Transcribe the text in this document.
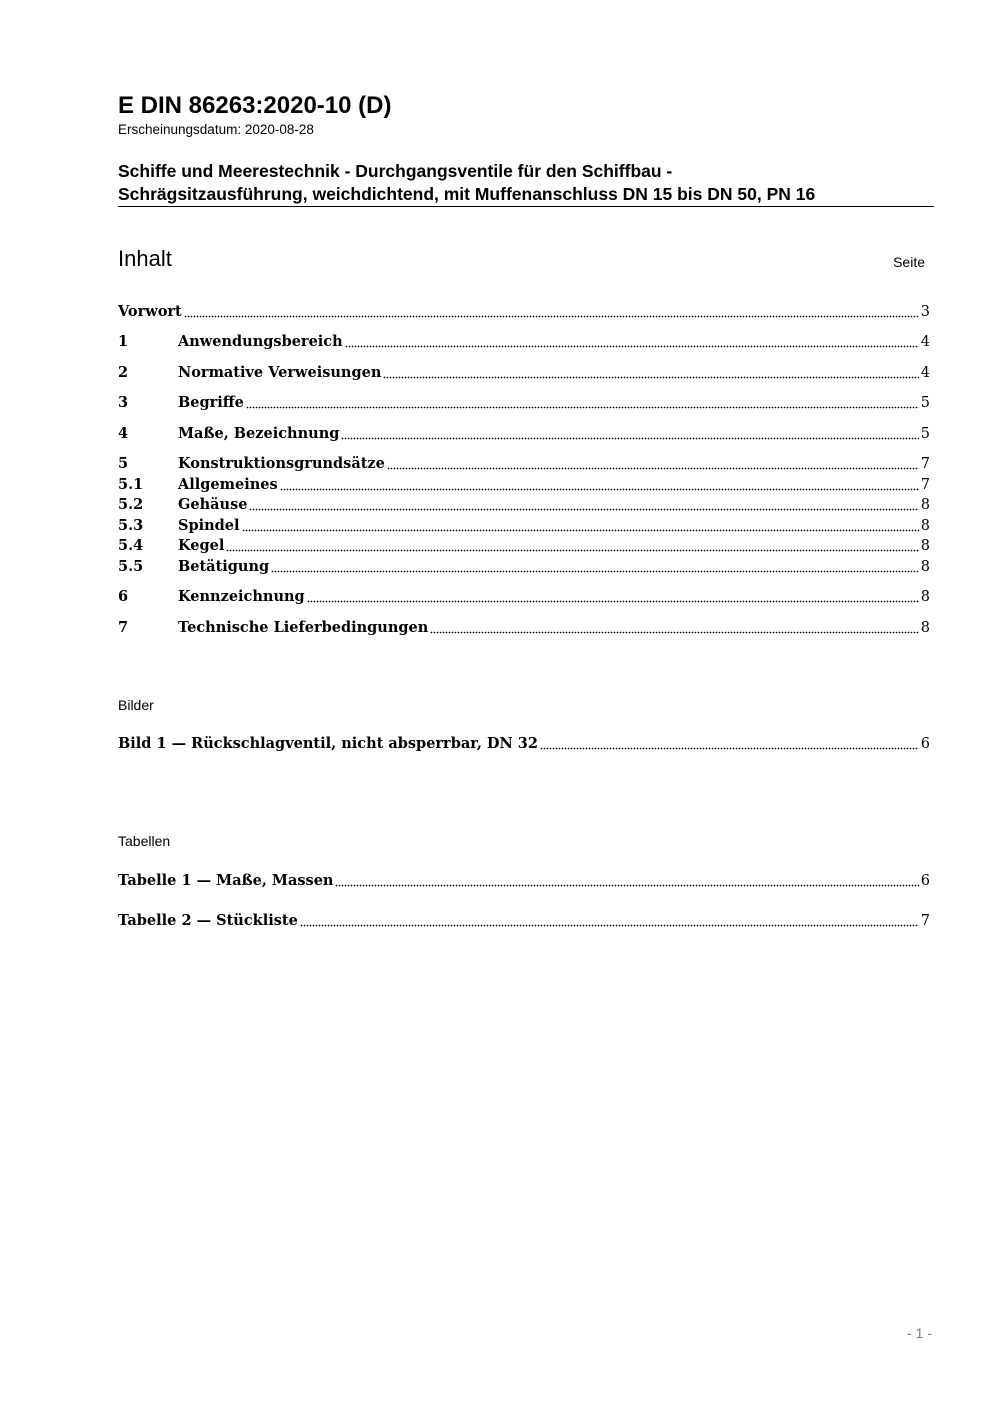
E DIN 86263:2020-10 (D)
Erscheinungsdatum: 2020-08-28
Schiffe und Meerestechnik - Durchgangsventile für den Schiffbau -
Schrägsitzausführung, weichdichtend, mit Muffenanschluss DN 15 bis DN 50, PN 16
Inhalt	Seite
Vorwort	3
1	Anwendungsbereich	4
2	Normative Verweisungen	4
3	Begriffe	5
4	Maße, Bezeichnung	5
5	Konstruktionsgrundsätze	7
5.1	Allgemeines	7
5.2	Gehäuse	8
5.3	Spindel	8
5.4	Kegel	8
5.5	Betätigung	8
6	Kennzeichnung	8
7	Technische Lieferbedingungen	8
Bilder
Bild 1 — Rückschlagventil, nicht absperrbar, DN 32	6
Tabellen
Tabelle 1 — Maße, Massen	6
Tabelle 2 — Stückliste	7
- 1 -
